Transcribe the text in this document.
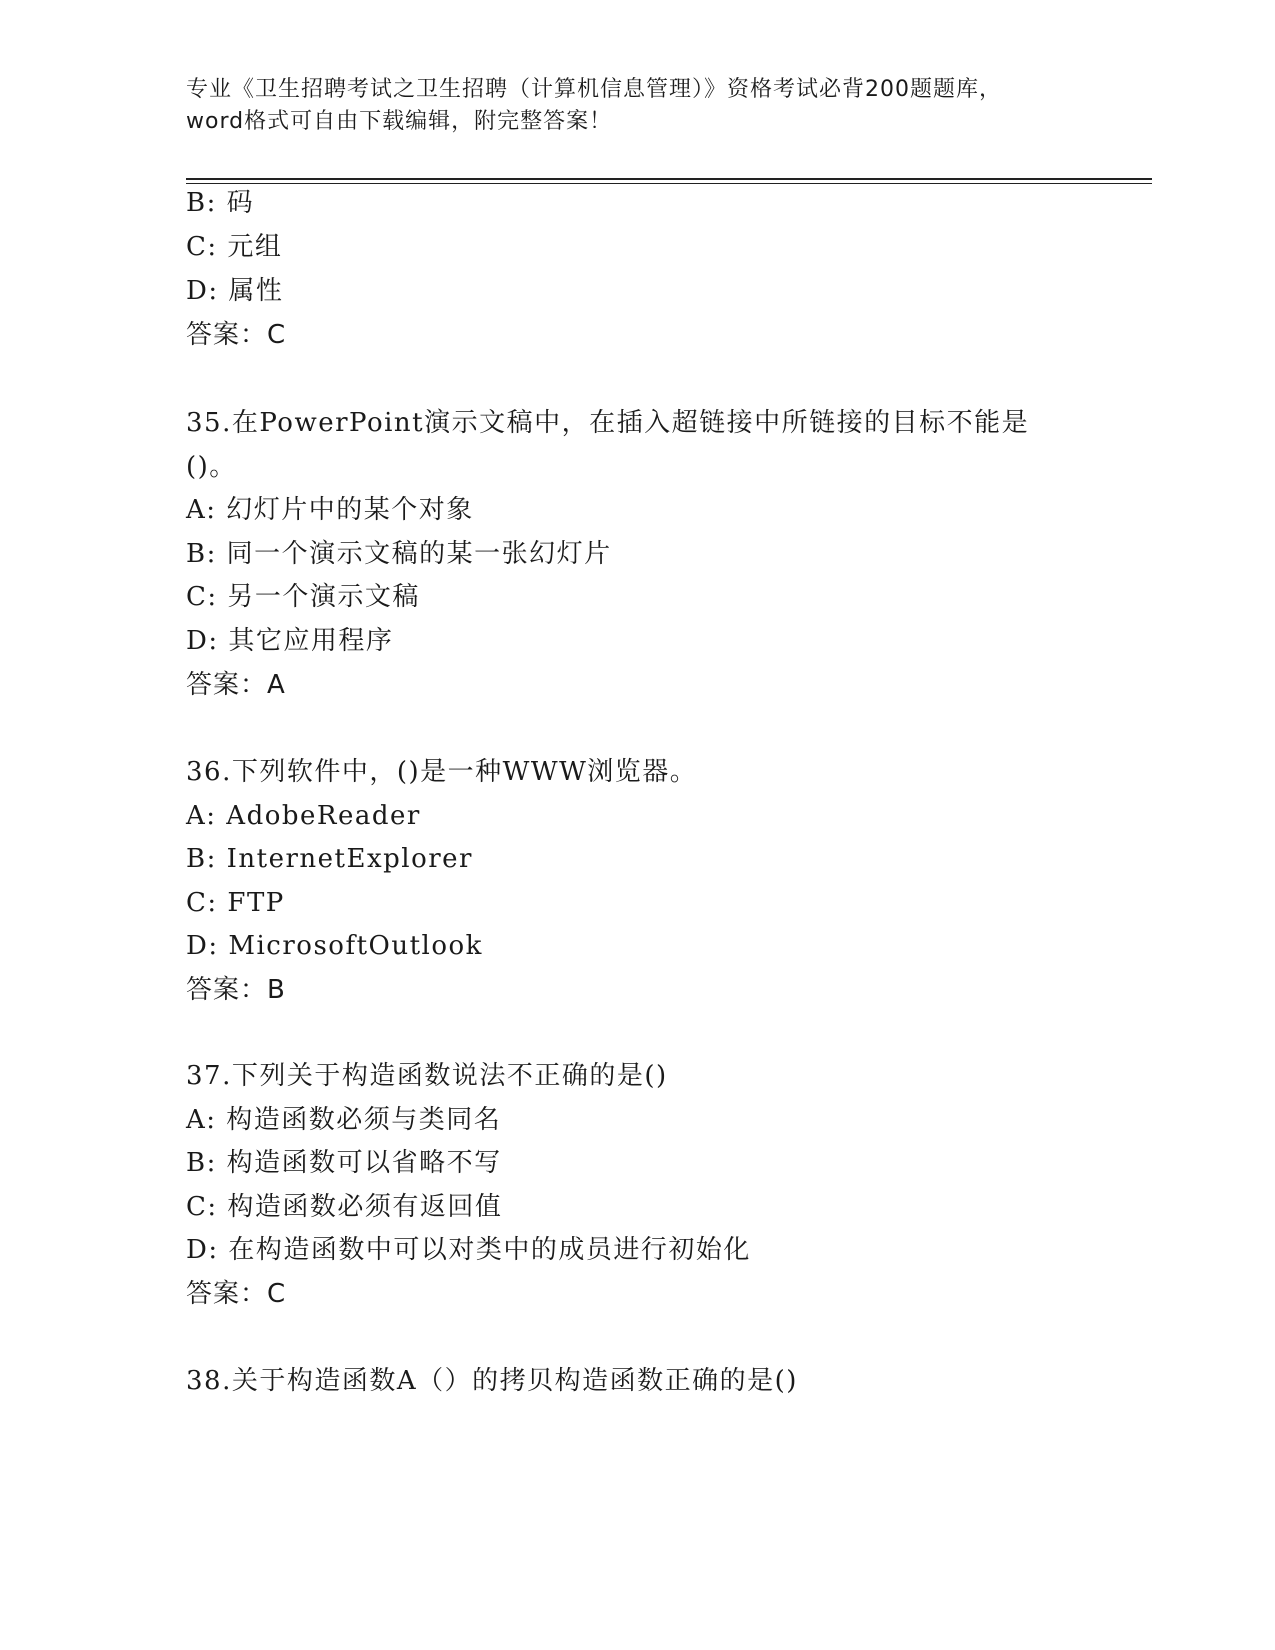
专业《卫生招聘考试之卫生招聘（计算机信息管理）》资格考试必背200题题库，
word格式可自由下载编辑，附完整答案！
B: 码
C: 元组
D: 属性
答案：C
35.在PowerPoint演示文稿中，在插入超链接中所链接的目标不能是
()。
A: 幻灯片中的某个对象
B: 同一个演示文稿的某一张幻灯片
C: 另一个演示文稿
D: 其它应用程序
答案：A
36.下列软件中，()是一种WWW浏览器。
A: AdobeReader
B: InternetExplorer
C: FTP
D: MicrosoftOutlook
答案：B
37.下列关于构造函数说法不正确的是()
A: 构造函数必须与类同名
B: 构造函数可以省略不写
C: 构造函数必须有返回值
D: 在构造函数中可以对类中的成员进行初始化
答案：C
38.关于构造函数A（）的拷贝构造函数正确的是()
